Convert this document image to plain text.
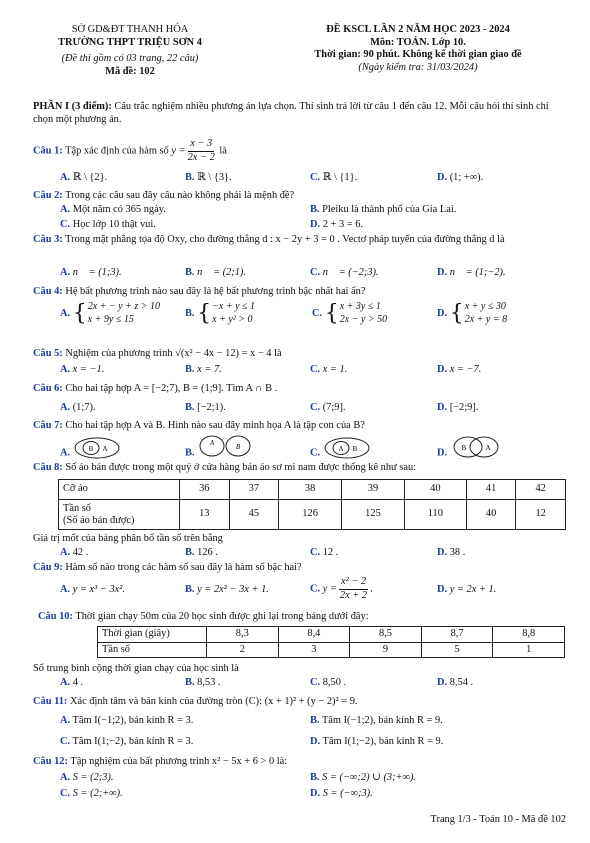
SỞ GD&ĐT THANH HÓA

TRƯỜNG THPT TRIỆU SƠN 4

(Đề thi gồm có 03 trang, 22 câu)

Mã đề: 102

ĐỀ KSCL LẦN 2 NĂM HỌC 2023 - 2024

Môn: TOÁN. Lớp 10.

Thời gian: 90 phút. Không kể thời gian giao đề

(Ngày kiểm tra: 31/03/2024)

PHẦN I (3 điểm): Câu trắc nghiệm nhiều phương án lựa chọn. Thí sinh trả lời từ câu 1 đến câu 12. Mỗi câu hỏi thí sinh chỉ chọn một phương án.
Câu 1: Tập xác định của hàm số $y = \frac{x - 3}{2x - 2}$ là
A. ℝ \ {2}.	B. ℝ \ {3}.	C. ℝ \ {1}.	D. (1; +∞).
Câu 2: Trong các câu sau đây câu nào không phải là mệnh đề?
A. Một năm có 365 ngày.	B. Pleiku là thành phố của Gia Lai.
C. Học lớp 10 thật vui.	D. 2 + 3 = 6.
Câu 3: Trong mặt phẳng tọa độ Oxy, cho đường thẳng d : x − 2y + 3 = 0 . Vectơ pháp tuyến của đường thẳng d là
A. n⃗ = (1;3).	B. n⃗ = (2;1).	C. n⃗ = (−2;3).	D. n⃗ = (1;−2).
Câu 4: Hệ bất phương trình nào sau đây là hệ bất phương trình bậc nhất hai ẩn?
A. { 2x + − y + z > 10
x + 9y ≤ 15
B. { −x + y ≤ 1
x + y² > 0
C. { x + 3y ≤ 1
2x − y > 50
D. { x + y ≤ 30
2x + y = 8
Câu 5: Nghiệm của phương trình √(x² − 4x − 12) = x − 4 là
A. x = −1.	B. x = 7.	C. x = 1.	D. x = −7.
Câu 6: Cho hai tập hợp A = [−2;7), B = (1;9]. Tìm A ∩ B .
A. (1;7).	B. [−2;1).	C. (7;9].	D. [−2;9].
Câu 7: Cho hai tập hợp A và B. Hình nào sau đây minh họa A là tập con của B?
A.	B A	B.
A	B
C.	A B	D. B	A
Câu 8: Số áo bán được trong một quý ở cửa hàng bán áo sơ mi nam được thống kê như sau:
Cỡ áo	36	37	38	39	40	41	42
Tần số
(Số áo bán được)	13	45	126	125	110	40	12
Giá trị mốt của bảng phân bố tần số trên bằng
A. 42 .	B. 126 .	C. 12 .	D. 38 .
Câu 9: Hàm số nào trong các hàm số sau đây là hàm số bậc hai?
A. y = x³ − 3x².	B. y = 2x² − 3x + 1.	C. $y = \frac{\text{x² − 2}}{2x + 2}$ .	D. y = 2x + 1.
Câu 10: Thời gian chạy 50m của 20 học sinh được ghi lại trong bảng dưới đây:
Thời gian (giây)	8,3	8,4	8,5	8,7	8,8
Tần số	2	3	9	5	1
Số trung bình cộng thời gian chạy của học sinh là
A. 4 .	B. 8,53 .	C. 8,50 .	D. 8,54 .
Câu 11: Xác định tâm và bán kính của đường tròn (C): (x + 1)² + (y − 2)² = 9.
A. Tâm I(−1;2), bán kính R = 3.	B. Tâm I(−1;2), bán kính R = 9.
C. Tâm I(1;−2), bán kính R = 3.	D. Tâm I(1;−2), bán kính R = 9.
Câu 12: Tập nghiệm của bất phương trình x² − 5x + 6 > 0 là:
A. S = (2;3).	B. S = (−∞;2) ∪ (3;+∞).
C. S = (2;+∞).	D. S = (−∞;3).
Trang 1/3 - Toán 10 - Mã đề 102
